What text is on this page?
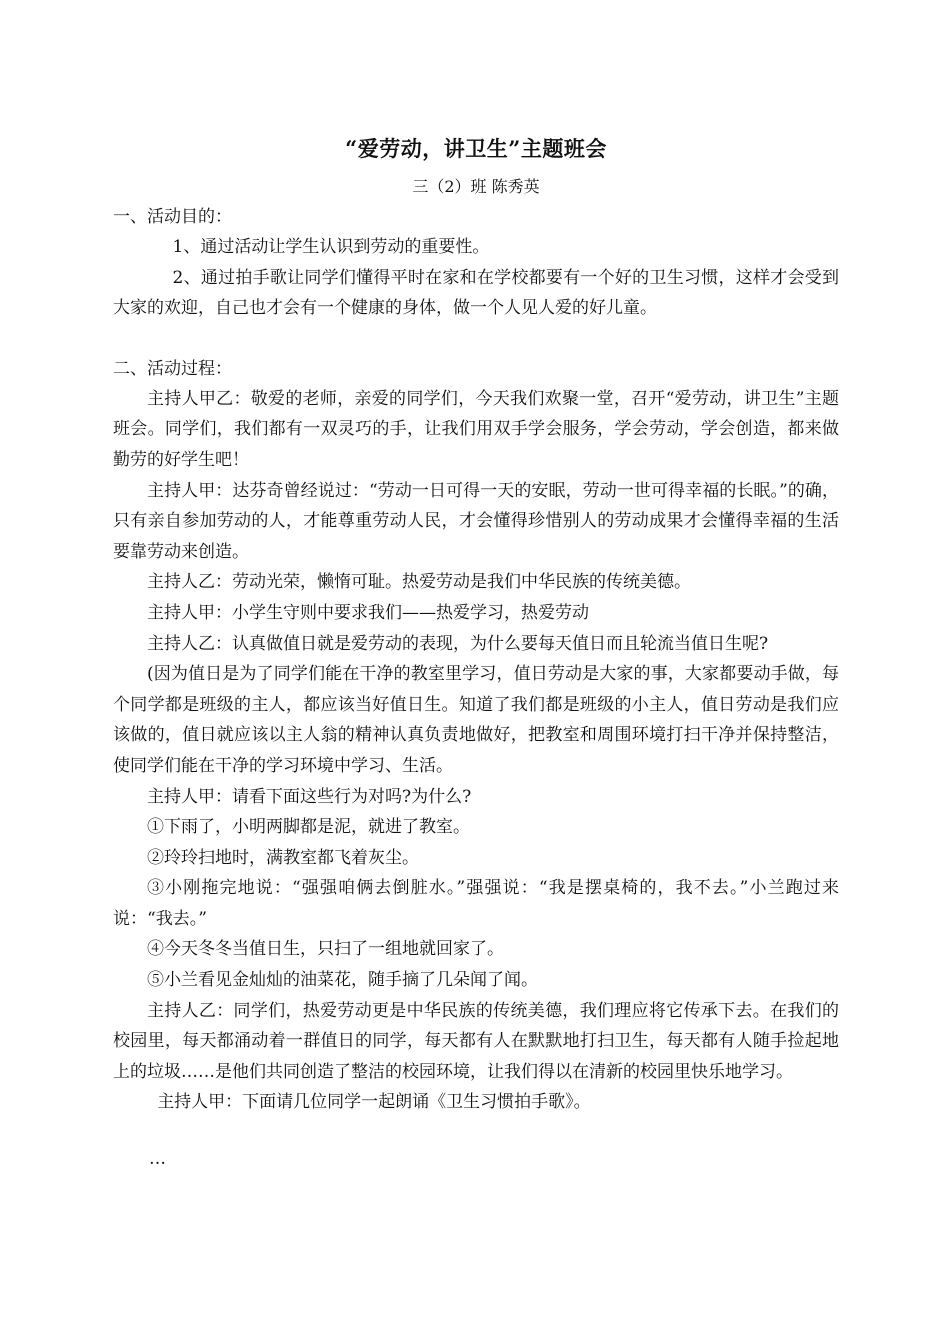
“爱劳动，讲卫生”主题班会

三（2）班 陈秀英

一、活动目的：

1、通过活动让学生认识到劳动的重要性。

2、通过拍手歌让同学们懂得平时在家和在学校都要有一个好的卫生习惯，这样才会受到大家的欢迎，自己也才会有一个健康的身体，做一个人见人爱的好儿童。

二、活动过程：

主持人甲乙：敬爱的老师，亲爱的同学们，今天我们欢聚一堂，召开“爱劳动，讲卫生”主题班会。同学们，我们都有一双灵巧的手，让我们用双手学会服务，学会劳动，学会创造，都来做勤劳的好学生吧！

主持人甲：达芬奇曾经说过：“劳动一日可得一天的安眠，劳动一世可得幸福的长眠。”的确，只有亲自参加劳动的人，才能尊重劳动人民，才会懂得珍惜别人的劳动成果才会懂得幸福的生活要靠劳动来创造。

主持人乙：劳动光荣，懒惰可耻。热爱劳动是我们中华民族的传统美德。

主持人甲：小学生守则中要求我们——热爱学习，热爱劳动

主持人乙：认真做值日就是爱劳动的表现，为什么要每天值日而且轮流当值日生呢?

(因为值日是为了同学们能在干净的教室里学习，值日劳动是大家的事，大家都要动手做，每个同学都是班级的主人，都应该当好值日生。知道了我们都是班级的小主人，值日劳动是我们应该做的，值日就应该以主人翁的精神认真负责地做好，把教室和周围环境打扫干净并保持整洁，使同学们能在干净的学习环境中学习、生活。

主持人甲：请看下面这些行为对吗?为什么?

①下雨了，小明两脚都是泥，就进了教室。

②玲玲扫地时，满教室都飞着灰尘。

③小刚拖完地说：“强强咱俩去倒脏水。”强强说：“我是摆桌椅的，我不去。”小兰跑过来说：“我去。”

④今天冬冬当值日生，只扫了一组地就回家了。

⑤小兰看见金灿灿的油菜花，随手摘了几朵闻了闻。

主持人乙：同学们，热爱劳动更是中华民族的传统美德，我们理应将它传承下去。在我们的校园里，每天都涌动着一群值日的同学，每天都有人在默默地打扫卫生，每天都有人随手捡起地上的垃圾……是他们共同创造了整洁的校园环境，让我们得以在清新的校园里快乐地学习。

主持人甲：下面请几位同学一起朗诵《卫生习惯拍手歌》。

…
